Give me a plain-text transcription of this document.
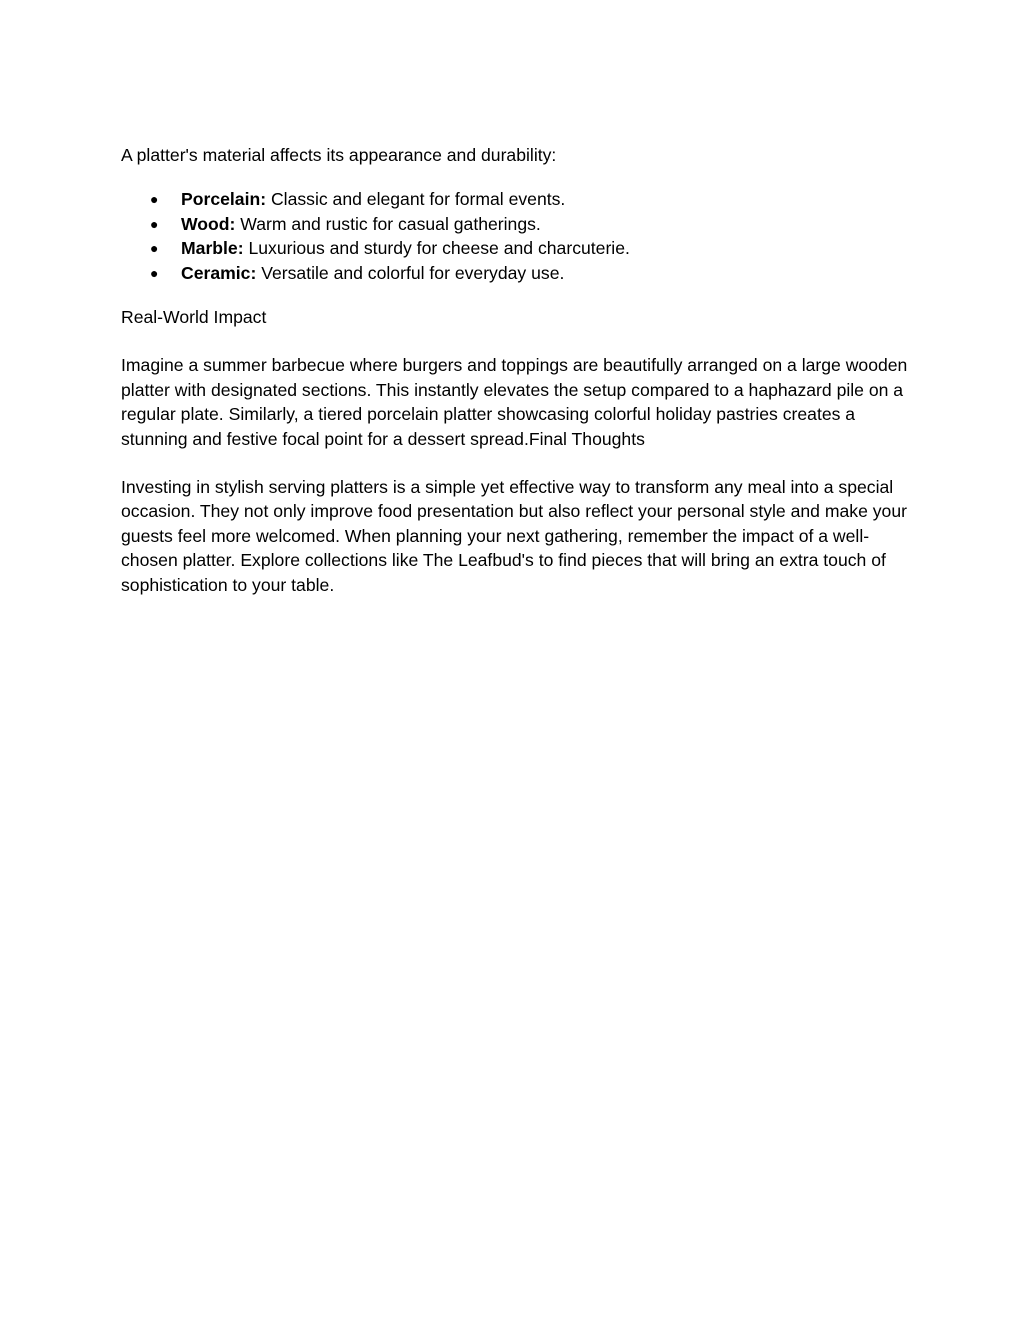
A platter's material affects its appearance and durability:

● Porcelain: Classic and elegant for formal events.
● Wood: Warm and rustic for casual gatherings.
● Marble: Luxurious and sturdy for cheese and charcuterie.
● Ceramic: Versatile and colorful for everyday use.

Real-World Impact

Imagine a summer barbecue where burgers and toppings are beautifully arranged on a large wooden platter with designated sections. This instantly elevates the setup compared to a haphazard pile on a regular plate. Similarly, a tiered porcelain platter showcasing colorful holiday pastries creates a stunning and festive focal point for a dessert spread.Final Thoughts

Investing in stylish serving platters is a simple yet effective way to transform any meal into a special occasion. They not only improve food presentation but also reflect your personal style and make your guests feel more welcomed. When planning your next gathering, remember the impact of a well-chosen platter. Explore collections like The Leafbud's to find pieces that will bring an extra touch of sophistication to your table.
